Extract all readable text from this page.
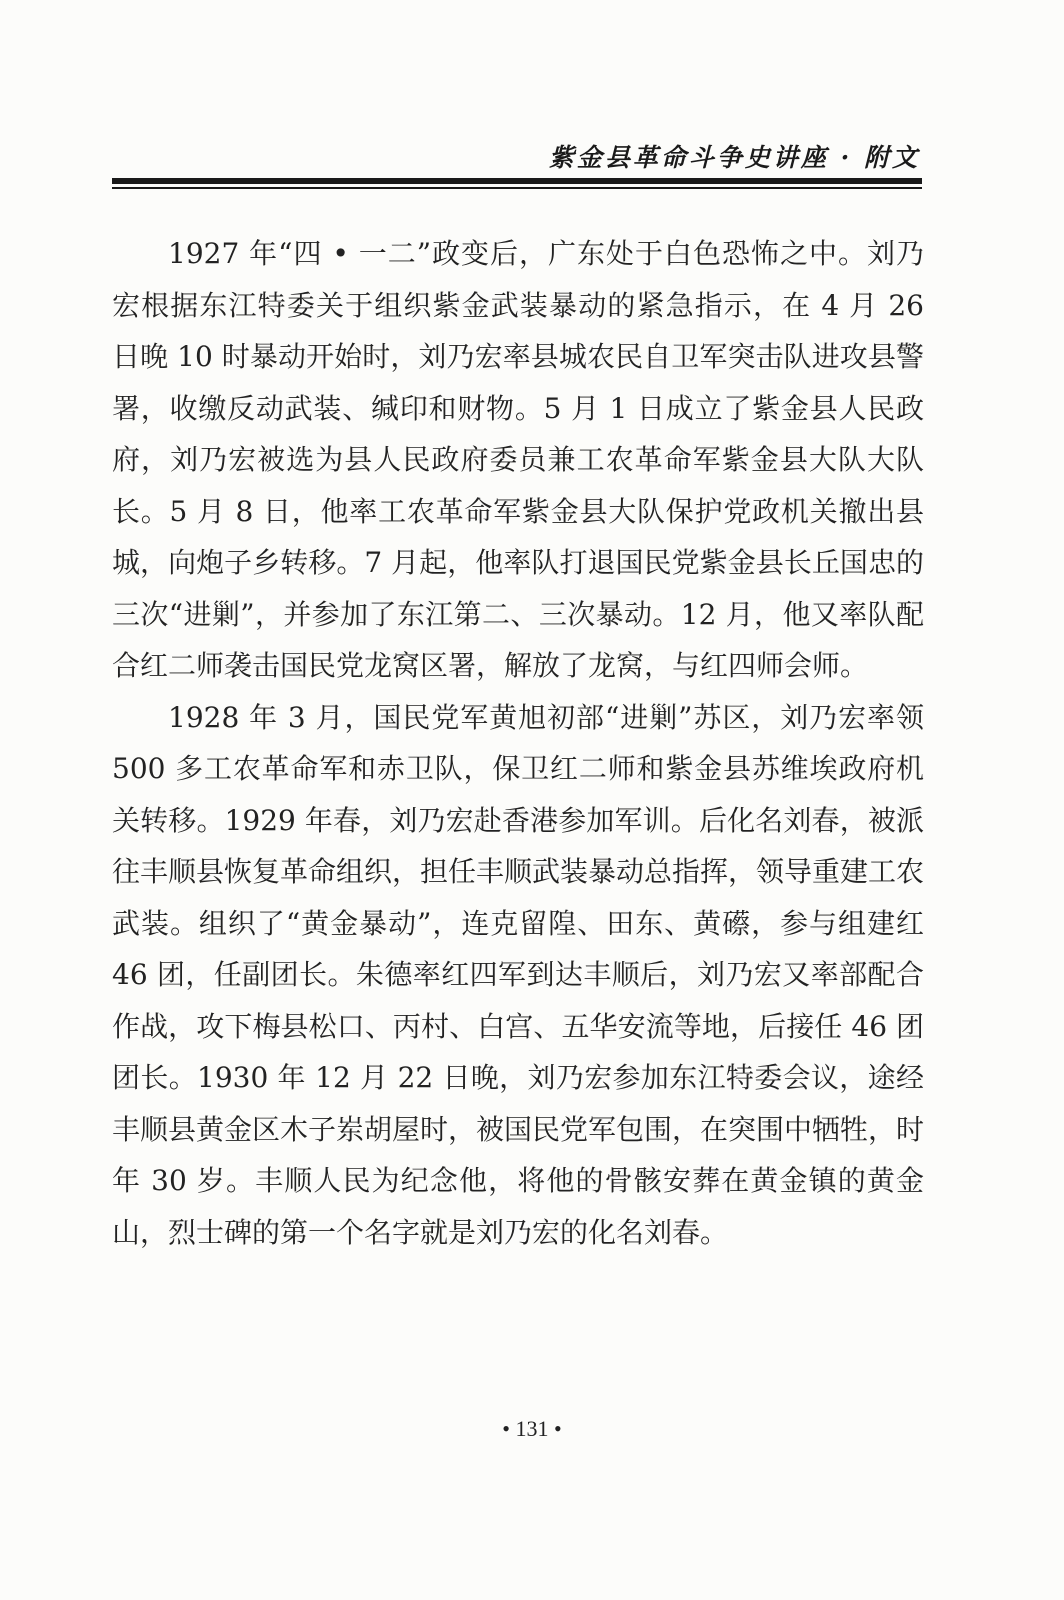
紫金县革命斗争史讲座 · 附文

1927 年“四 • 一二”政变后，广东处于白色恐怖之中。刘乃宏根据东江特委关于组织紫金武装暴动的紧急指示，在 4 月 26 日晚 10 时暴动开始时，刘乃宏率县城农民自卫军突击队进攻县警署，收缴反动武装、缄印和财物。5 月 1 日成立了紫金县人民政府，刘乃宏被选为县人民政府委员兼工农革命军紫金县大队大队长。5 月 8 日，他率工农革命军紫金县大队保护党政机关撤出县城，向炮子乡转移。7 月起，他率队打退国民党紫金县长丘国忠的三次“进剿”，并参加了东江第二、三次暴动。12 月，他又率队配合红二师袭击国民党龙窝区署，解放了龙窝，与红四师会师。

1928 年 3 月，国民党军黄旭初部“进剿”苏区，刘乃宏率领 500 多工农革命军和赤卫队，保卫红二师和紫金县苏维埃政府机关转移。1929 年春，刘乃宏赴香港参加军训。后化名刘春，被派往丰顺县恢复革命组织，担任丰顺武装暴动总指挥，领导重建工农武装。组织了“黄金暴动”，连克留隍、田东、黄礤，参与组建红 46 团，任副团长。朱德率红四军到达丰顺后，刘乃宏又率部配合作战，攻下梅县松口、丙村、白宫、五华安流等地，后接任 46 团团长。1930 年 12 月 22 日晚，刘乃宏参加东江特委会议，途经丰顺县黄金区木子岽胡屋时，被国民党军包围，在突围中牺牲，时年 30 岁。丰顺人民为纪念他，将他的骨骸安葬在黄金镇的黄金山，烈士碑的第一个名字就是刘乃宏的化名刘春。

• 131 •
